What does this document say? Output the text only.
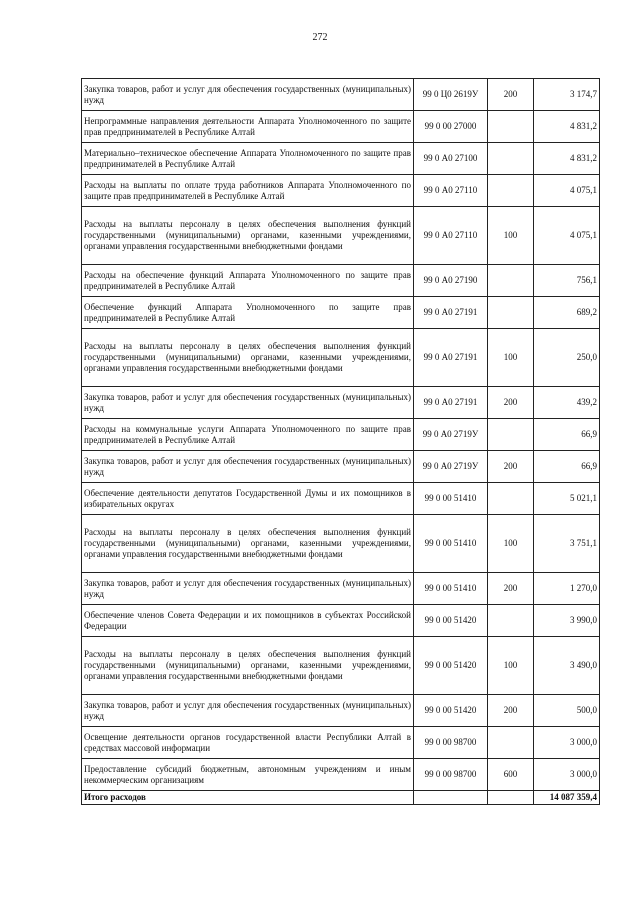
272
Закупка товаров, работ и услуг для обеспечения государственных (муниципальных) нужд	99 0 Ц0 2619У	200	3 174,7
Непрограммные направления деятельности Аппарата Уполномоченного по защите прав предпринимателей в Республике Алтай	99 0 00 27000		4 831,2
Материально–техническое обеспечение Аппарата Уполномоченного по защите прав предпринимателей в Республике Алтай	99 0 А0 27100		4 831,2
Расходы на выплаты по оплате труда работников Аппарата Уполномоченного по защите прав предпринимателей в Республике Алтай	99 0 А0 27110		4 075,1
Расходы на выплаты персоналу в целях обеспечения выполнения функций государственными (муниципальными) органами, казенными учреждениями, органами управления государственными внебюджетными фондами	99 0 А0 27110	100	4 075,1
Расходы на обеспечение функций Аппарата Уполномоченного по защите прав предпринимателей в Республике Алтай	99 0 А0 27190		756,1
Обеспечение функций Аппарата Уполномоченного по защите прав предпринимателей в Республике Алтай	99 0 А0 27191		689,2
Расходы на выплаты персоналу в целях обеспечения выполнения функций государственными (муниципальными) органами, казенными учреждениями, органами управления государственными внебюджетными фондами	99 0 А0 27191	100	250,0
Закупка товаров, работ и услуг для обеспечения государственных (муниципальных) нужд	99 0 А0 27191	200	439,2
Расходы на коммунальные услуги Аппарата Уполномоченного по защите прав предпринимателей в Республике Алтай	99 0 А0 2719У		66,9
Закупка товаров, работ и услуг для обеспечения государственных (муниципальных) нужд	99 0 А0 2719У	200	66,9
Обеспечение деятельности депутатов Государственной Думы и их помощников в избирательных округах	99 0 00 51410		5 021,1
Расходы на выплаты персоналу в целях обеспечения выполнения функций государственными (муниципальными) органами, казенными учреждениями, органами управления государственными внебюджетными фондами	99 0 00 51410	100	3 751,1
Закупка товаров, работ и услуг для обеспечения государственных (муниципальных) нужд	99 0 00 51410	200	1 270,0
Обеспечение членов Совета Федерации и их помощников в субъектах Российской Федерации	99 0 00 51420		3 990,0
Расходы на выплаты персоналу в целях обеспечения выполнения функций государственными (муниципальными) органами, казенными учреждениями, органами управления государственными внебюджетными фондами	99 0 00 51420	100	3 490,0
Закупка товаров, работ и услуг для обеспечения государственных (муниципальных) нужд	99 0 00 51420	200	500,0
Освещение деятельности органов государственной власти Республики Алтай в средствах массовой информации	99 0 00 98700		3 000,0
Предоставление субсидий бюджетным, автономным учреждениям и иным некоммерческим организациям	99 0 00 98700	600	3 000,0
Итого расходов			14 087 359,4
